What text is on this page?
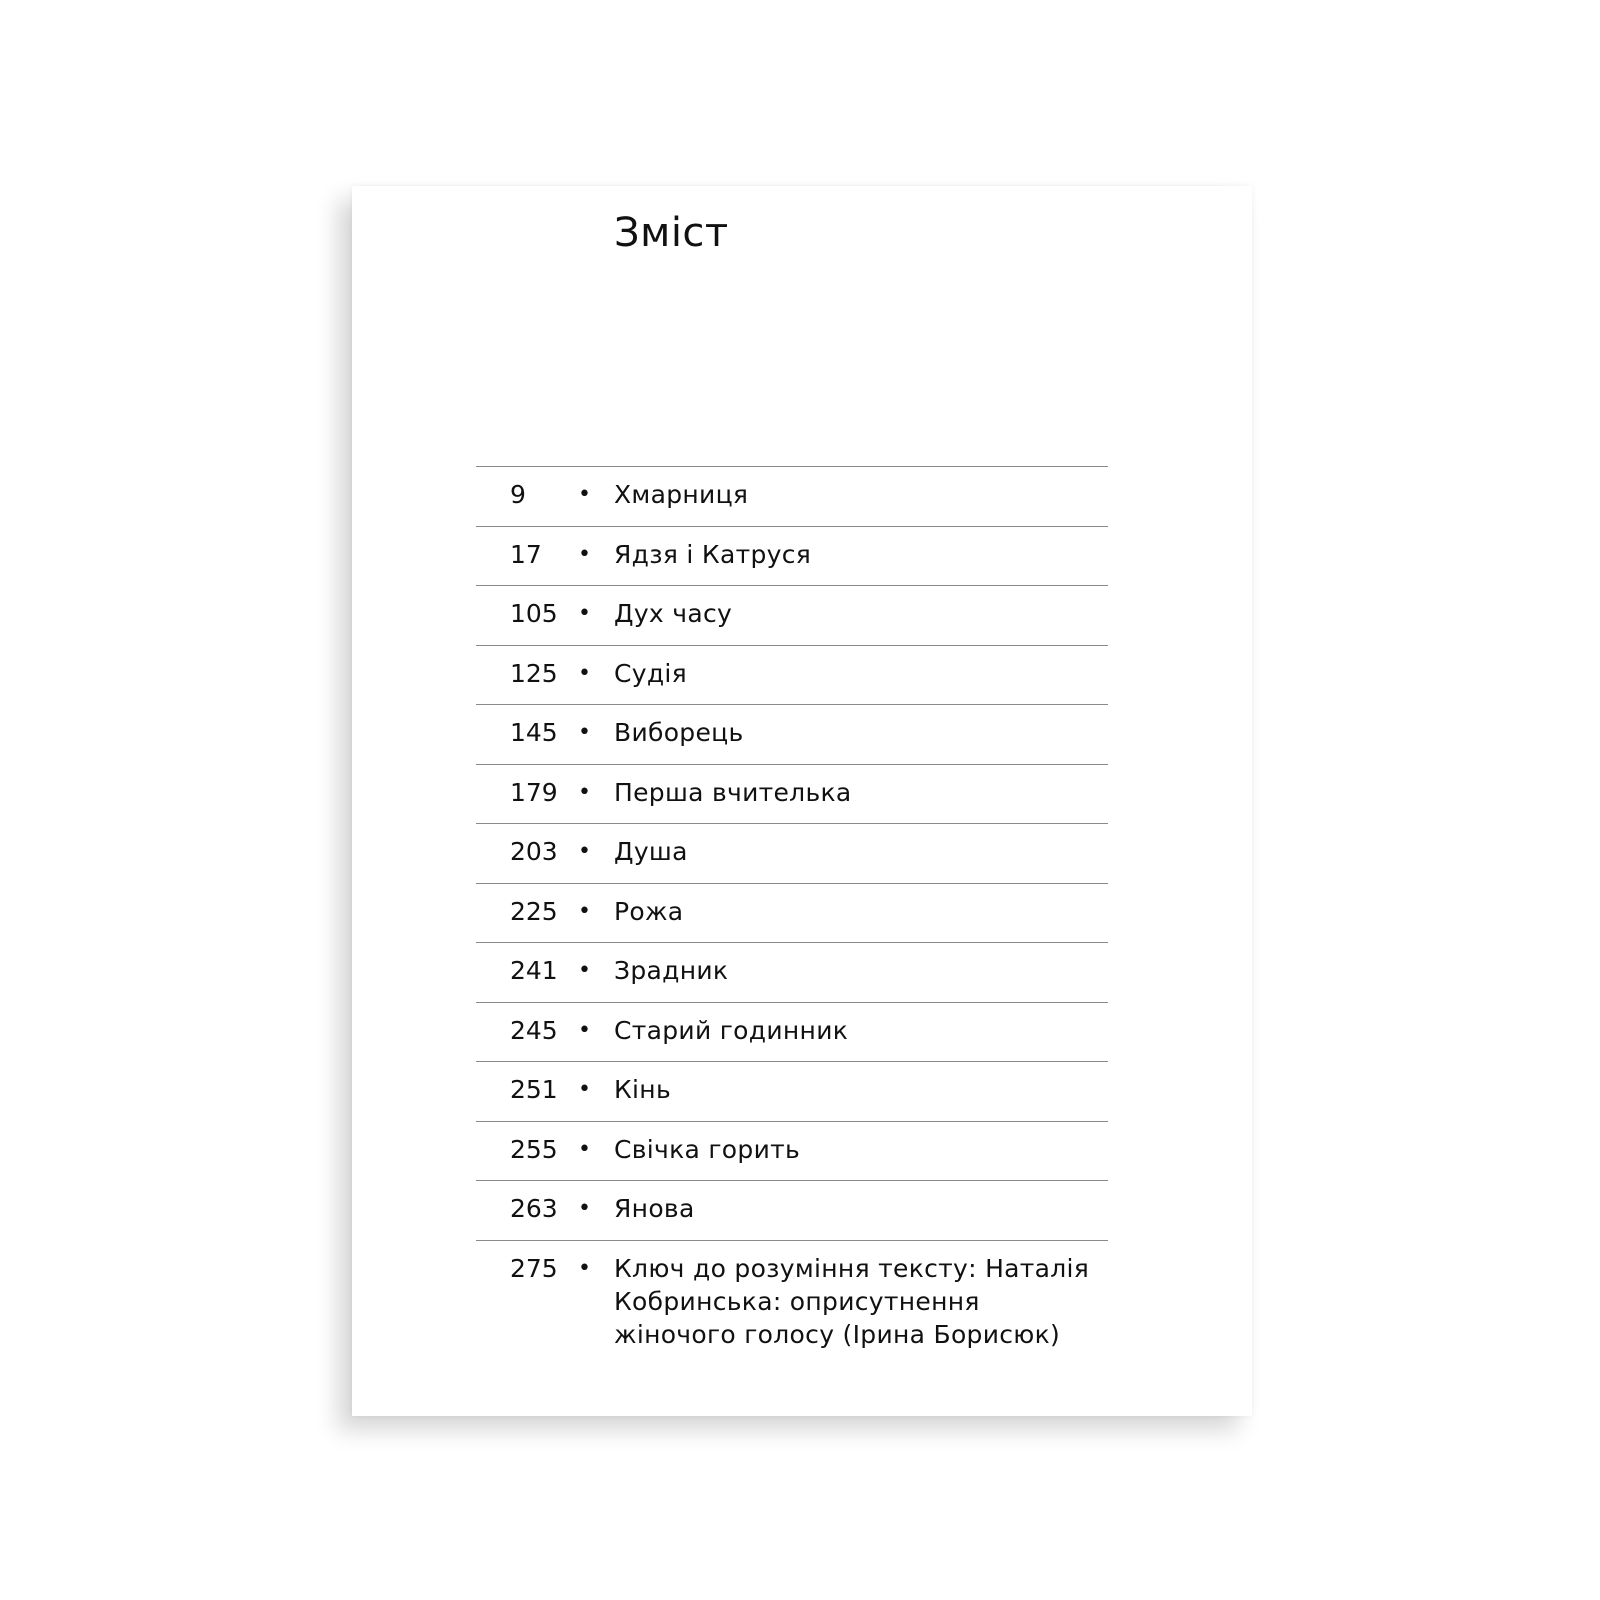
Зміст
9	• Хмарниця
17	• Ядзя і Катруся
105 • Дух часу
125 • Судія
145 • Виборець
179 • Перша вчителька
203 • Душа
225 • Рожа
241 • Зрадник
245 • Старий годинник
251 • Кінь
255 • Свічка горить
263 • Янова
275 • Ключ до розуміння тексту: Наталія Кобринська: оприсутнення жіночого голосу (Ірина Борисюк)
